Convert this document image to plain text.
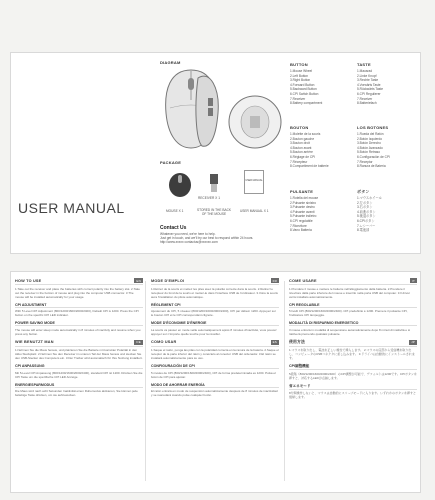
USER MANUAL
DIAGRAM
PACKAGE
USER MANUAL
MOUSE X 1
RECEIVER X 1
STORED IN THE BACK OF THE MOUSE
USER MANUAL X 1
Contact Us
Whatever you need, we're here to help.
Just get in touch, and we'll try our best to respond within 24 hours.
http://www.xxxxx contactus@xxxxxx.com
BUTTON
1.Mouse Wheel
2.Left Button
3.Right Button
4.Forward Button
5.Backward Button
6.CPI Switch Button
7.Receiver
8.Battery compartment
TASTE
1.Mausrad
2.Linke Knopf
3.Rechte Taste
4.Vorwärts Taste
5.Rückwärts Taste
6.CPI Regulierer
7.Receiver
8.Batteriefach
BOUTON
1.Molette de la souris
2.Bouton gauche
3.Bouton droit
4.Bouton avant
5.Bouton arrière
6.Réglage de CPI
7.Récepteur
8.Compartiment de batterie
LOS BOTONES
1.Rueda del Ratón
2.Botón Izquierdo
3.Botón Derecho
4.Botón Avanzado
5.Botón Retraso
6.Configuración de CPI
7.Receptor
8.Ranura de Batería
PULSANTE
1.Rotella del mouse
2.Pulsante sinistro
3.Pulsante destro
4.Pulsante avanti
5.Pulsante indietro
6.CPI regolabile
7.Ricevitore
8.Vano Batteria
ボタン
1.マウスホイール
2.左ボタン
3.右ボタン
4.前進ボタン
5.後退ボタン
6.CPIボタン
7.レシーバー
8.電池部
HOW TO USE	EN

1.Take out the receiver and place the batteries with correct polarity into the battery slot. 2.Take out the receiver in the bottom of mouse and plug into the computer USB connector. 3.The mouse will be installed automatically for your usage.

CPI ADJUSTMENT

With 5 Level CPI Adjustment (800/1200/1600/2000/2400), Default CPI is 1200. Press the CPI button on the specific CPI LED indicator.

POWER SAVING MODE

The mouse will enter sleep mode automatically in 8 minutes of inactivity and resume when you press any button.

WIE BENUTZT MAN	DE

1.Nehmen Sie die Maus heraus, und platzieren Sie die Batterie mit korrekter Polarität in den Akku Steckplatz. 2.Nehmen Sie den Receiver im unteren Teil der Maus heraus und stecken Sie den USB-Stecker des Computers ein. 3.Der Treiber wird automatisch für Ihre Nutzung installiert.

CPI ANPASSUNG

Mit 5-Level CPI Anpassung (800/1200/1600/2000/2400), standard CPI ist 1200. Drücken Sie die CPI Taste um die spezifische CPI LED Anzeige.

ENERGIESPARMODUS

Die Maus wird nach acht Sekunden Inaktivität einen Ruhemodus aktivieren, Sie können jede beliebige Taste drücken, um sie aufzuwecken.

MODE D'EMPLOI	FR

1.Retirez de la souris et mettez les piles avec la polarité correcte dans la souris. 2.Retirez le récepteur du fond de la souris et mettez-le dans l'interface USB de l'ordinateur. 3.Votre la souris aura l'installation du pilote automatique.

RÉGLEMENT CPI

Ajustement du CPI, 5 niveaux (800/1200/1600/2000/2400), CPI par défaut: 1200. Appuyez sur le bouton CPI et le CPI correspondant clignote.

MODE D'ÉCONOMIE D'ÉNERGIE

La souris va passer en mode veille automatiquement après 8 minutes d'inactivité, vous pouvez appuyer sur n'importe quelle touche pour la réveiller.

COMO USAR	ES

1.Saque el ratón, ponga las pilas con la polaridad correcta en la ranura de la batería. 2.Saque el receptor de la parte inferior del ratón y conéctelo al conector USB del ordenador. 3.El ratón se instalará automáticamente para su uso.

CONFIGURACIÓN DE CPI

5 niveles de CPI (800/1200/1600/2000/2400), CPI de forma predeterminada es 1200. Pulsa el botón de CPI para ajustar.

MODO DE AHORRAR ENERGÍA

El ratón entrará en modo de suspensión automáticamente después de 8 minutos de inactividad y se reanudará cuando pulse cualquier botón.

COME USARE	IT

1.Prendere il mouse e mettere le batterie nell'alloggiamento della batteria. 2.Prendere il ricevitore dalla parte inferiore del mouse e inserirlo nella porta USB del computer. 3.Il driver verrà installato automaticamente.

CPI REGOLABILE

5 livelli CPI (800/1200/1600/2000/2400). CPI predefinito è 1200. Premere il pulsante CPI, l'indicatore CPI lampeggia.

MODALITÀ DI RISPARMIO ENERGETICO

Il mouse entrerà in modalità di sospensione automaticamente dopo 8 minuti di inattività e si riattiverà premendo qualsiasi pulsante.

使用方法	JP

1.マウスを取り出し、電池を正しい極性で挿入します。 2.マウスの底部から受信機を取り出し、コンピュータのUSBコネクタに差し込みます。 3.ドライバは自動的にインストールされます。

CPI調整機能

5段階（800/1200/1600/2000/2400）のCPI調整が可能で、デフォルトは1200です。CPIボタンを押すと、対応するLEDが点滅します。

省エネモード

8分間操作しないと、マウスは自動的にスリープモードに入ります。いずれかのボタンを押すと復帰します。
